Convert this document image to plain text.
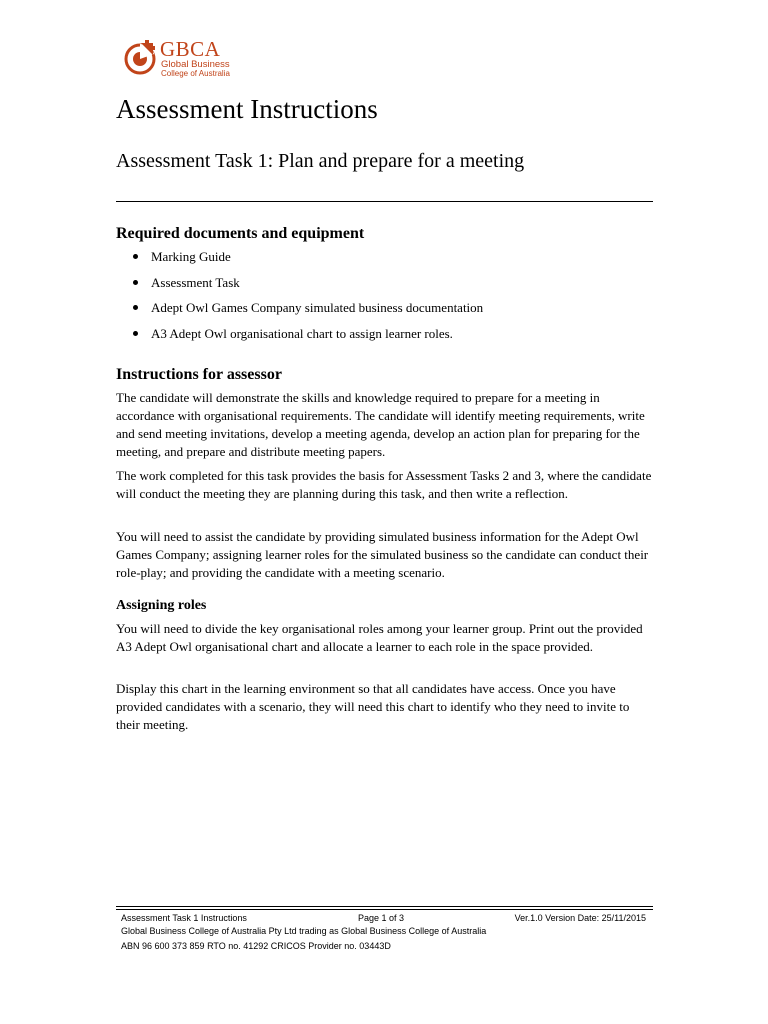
GBCA
Global Business
College of Australia
Assessment Instructions
Assessment Task 1: Plan and prepare for a meeting
Required documents and equipment
Marking Guide
Assessment Task
Adept Owl Games Company simulated business documentation
A3 Adept Owl organisational chart to assign learner roles.
Instructions for assessor

The candidate will demonstrate the skills and knowledge required to prepare for a meeting in accordance with organisational requirements. The candidate will identify meeting requirements, write and send meeting invitations, develop a meeting agenda, develop an action plan for preparing for the meeting, and prepare and distribute meeting papers.

The work completed for this task provides the basis for Assessment Tasks 2 and 3, where the candidate will conduct the meeting they are planning during this task, and then write a reflection.

You will need to assist the candidate by providing simulated business information for the Adept Owl Games Company; assigning learner roles for the simulated business so the candidate can conduct their role-play; and providing the candidate with a meeting scenario.

Assigning roles

You will need to divide the key organisational roles among your learner group. Print out the provided A3 Adept Owl organisational chart and allocate a learner to each role in the space provided.

Display this chart in the learning environment so that all candidates have access. Once you have provided candidates with a scenario, they will need this chart to identify who they need to invite to their meeting.

Assessment Task 1 Instructions	Page 1 of 3	Ver.1.0 Version Date: 25/11/2015
Global Business College of Australia Pty Ltd trading as Global Business College of Australia
ABN 96 600 373 859 RTO no. 41292 CRICOS Provider no. 03443D
